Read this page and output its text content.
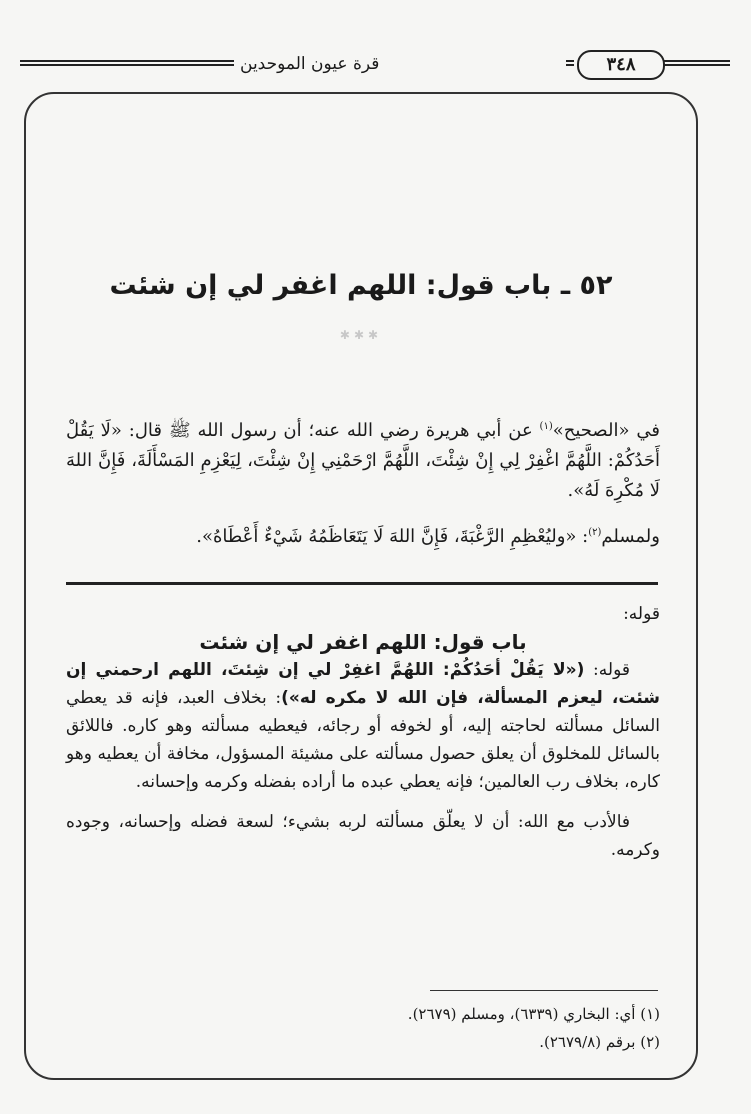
قرة عيون الموحدين	٣٤٨
٥٢ ـ باب قول: اللهم اغفر لي إن شئت
✱✱✱

في «الصحيح»$^{(١)}$ عن أبي هريرة رضي الله عنه؛ أن رسول الله ﷺ قال: «لَا يَقُلْ أَحَدُكُمْ: اللَّهُمَّ اغْفِرْ لِي إِنْ شِئْتَ، اللَّهُمَّ ارْحَمْنِي إِنْ شِئْتَ، لِيَعْزِمِ المَسْأَلَةَ، فَإِنَّ اللهَ لَا مُكْرِهَ لَهُ».

ولمسلم$^{(٢)}$: «وليُعْظِمِ الرَّغْبَةَ، فَإِنَّ اللهَ لَا يَتَعَاظَمُهُ شَيْءٌ أَعْطَاهُ».

قوله:

باب قول: اللهم اغفر لي إن شئت

قوله: («لا يَقُلْ أحَدُكُمْ: اللهُمَّ اغفِرْ لي إن شِئتَ، اللهم ارحمني إن شئت، ليعزم المسألة، فإن الله لا مكره له»): بخلاف العبد، فإنه قد يعطي السائل مسألته لحاجته إليه، أو لخوفه أو رجائه، فيعطيه مسألته وهو كاره. فاللائق بالسائل للمخلوق أن يعلق حصول مسألته على مشيئة المسؤول، مخافة أن يعطيه وهو كاره، بخلاف رب العالمين؛ فإنه يعطي عبده ما أراده بفضله وكرمه وإحسانه.

فالأدب مع الله: أن لا يعلّق مسألته لربه بشيء؛ لسعة فضله وإحسانه، وجوده وكرمه.

(١) أي: البخاري (٦٣٣٩)، ومسلم (٢٦٧٩).

(٢) برقم (٢٦٧٩/٨).
